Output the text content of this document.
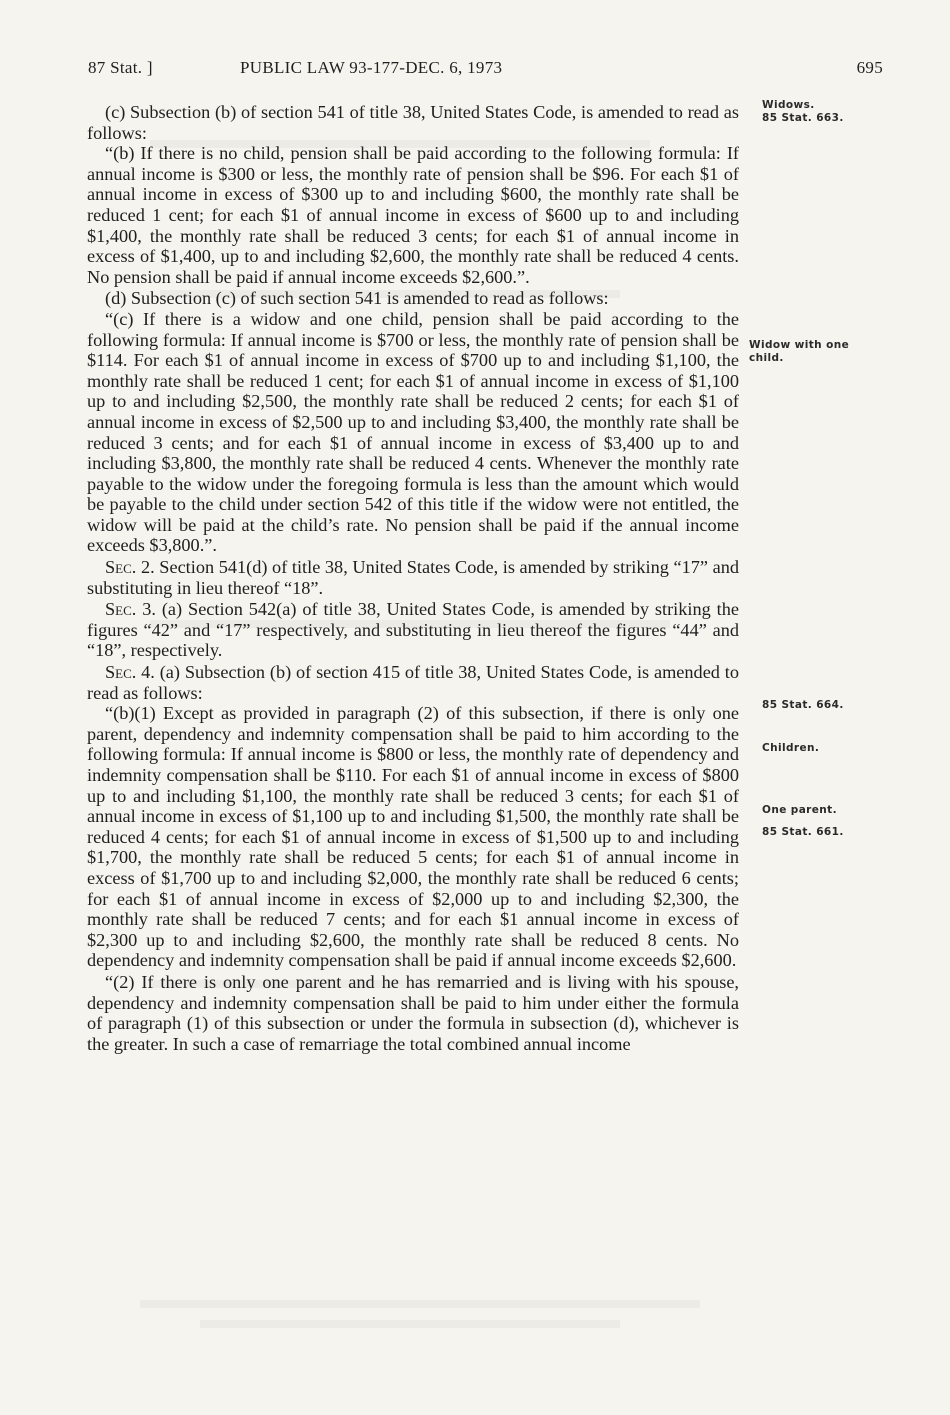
87 Stat. ]	PUBLIC LAW 93-177-DEC. 6, 1973	695

(c) Subsection (b) of section 541 of title 38, United States Code, is amended to read as follows:

“(b) If there is no child, pension shall be paid according to the following formula: If annual income is $300 or less, the monthly rate of pension shall be $96. For each $1 of annual income in excess of $300 up to and including $600, the monthly rate shall be reduced 1 cent; for each $1 of annual income in excess of $600 up to and including $1,400, the monthly rate shall be reduced 3 cents; for each $1 of annual income in excess of $1,400, up to and including $2,600, the monthly rate shall be reduced 4 cents. No pension shall be paid if annual income exceeds $2,600.”.

(d) Subsection (c) of such section 541 is amended to read as follows:

“(c) If there is a widow and one child, pension shall be paid according to the following formula: If annual income is $700 or less, the monthly rate of pension shall be $114. For each $1 of annual income in excess of $700 up to and including $1,100, the monthly rate shall be reduced 1 cent; for each $1 of annual income in excess of $1,100 up to and including $2,500, the monthly rate shall be reduced 2 cents; for each $1 of annual income in excess of $2,500 up to and including $3,400, the monthly rate shall be reduced 3 cents; and for each $1 of annual income in excess of $3,400 up to and including $3,800, the monthly rate shall be reduced 4 cents. Whenever the monthly rate payable to the widow under the foregoing formula is less than the amount which would be payable to the child under section 542 of this title if the widow were not entitled, the widow will be paid at the child’s rate. No pension shall be paid if the annual income exceeds $3,800.”.

Sec. 2. Section 541(d) of title 38, United States Code, is amended by striking “17” and substituting in lieu thereof “18”.

Sec. 3. (a) Section 542(a) of title 38, United States Code, is amended by striking the figures “42” and “17” respectively, and substituting in lieu thereof the figures “44” and “18”, respectively.

Sec. 4. (a) Subsection (b) of section 415 of title 38, United States Code, is amended to read as follows:

“(b)(1) Except as provided in paragraph (2) of this subsection, if there is only one parent, dependency and indemnity compensation shall be paid to him according to the following formula: If annual income is $800 or less, the monthly rate of dependency and indemnity compensation shall be $110. For each $1 of annual income in excess of $800 up to and including $1,100, the monthly rate shall be reduced 3 cents; for each $1 of annual income in excess of $1,100 up to and including $1,500, the monthly rate shall be reduced 4 cents; for each $1 of annual income in excess of $1,500 up to and including $1,700, the monthly rate shall be reduced 5 cents; for each $1 of annual income in excess of $1,700 up to and including $2,000, the monthly rate shall be reduced 6 cents; for each $1 of annual income in excess of $2,000 up to and including $2,300, the monthly rate shall be reduced 7 cents; and for each $1 annual income in excess of $2,300 up to and including $2,600, the monthly rate shall be reduced 8 cents. No dependency and indemnity compensation shall be paid if annual income exceeds $2,600.

“(2) If there is only one parent and he has remarried and is living with his spouse, dependency and indemnity compensation shall be paid to him under either the formula of paragraph (1) of this subsection or under the formula in subsection (d), whichever is the greater. In such a case of remarriage the total combined annual income

Widows.
85 Stat. 663.
Widow with one
child.
85 Stat. 664.
Children.
One parent.
85 Stat. 661.
